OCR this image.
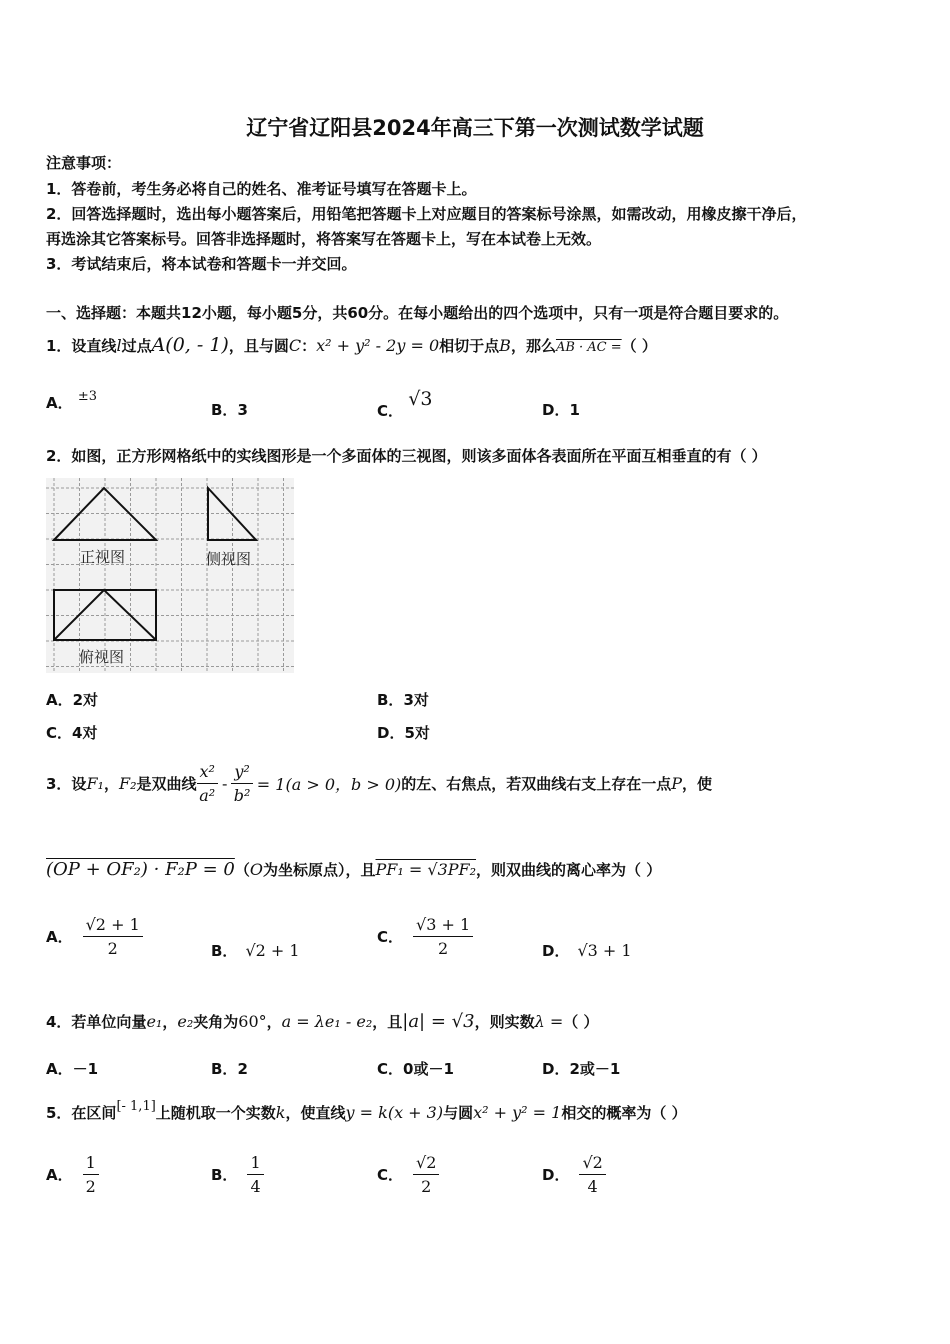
辽宁省辽阳县2024年高三下第一次测试数学试题
注意事项：
1．答卷前，考生务必将自己的姓名、准考证号填写在答题卡上。
2．回答选择题时，选出每小题答案后，用铅笔把答题卡上对应题目的答案标号涂黑，如需改动，用橡皮擦干净后，
再选涂其它答案标号。回答非选择题时，将答案写在答题卡上，写在本试卷上无效。
3．考试结束后，将本试卷和答题卡一并交回。
一、选择题：本题共12小题，每小题5分，共60分。在每小题给出的四个选项中，只有一项是符合题目要求的。
1．设直线l过点A(0, - 1)，且与圆C：x² + y² - 2y = 0相切于点B，那么AB · AC =（ ）
A． ±3
B．3	C． √3	D．1
2．如图，正方形网格纸中的实线图形是一个多面体的三视图，则该多面体各表面所在平面互相垂直的有（ ）
正视图	侧视图
俯视图
A．2对	B．3对
C．4对	D．5对
3．设 F₁ ， F₂ 是双曲线 $\frac{\text{x²}}{\text{a²}} - \frac{\text{y²}}{\text{b²}} = 1(a > 0$，b > 0) 的左、右焦点，若双曲线右支上存在一点 P ，使
(OP + OF₂) · F₂P = 0（O为坐标原点），且PF₁ = √3PF₂，则双曲线的离心率为（ ）
A． $\frac{√2 + 1}{2}$	B． √2 + 1
C． $\frac{√3 + 1}{2}$	D． √3 + 1
4．若单位向量e₁，e₂夹角为60°，a = λe₁ - e₂，且|a| = √3，则实数λ =（ ）
A．－1	B．2	C．0或－1	D．2或－1
5．在区间[- 1,1]上随机取一个实数k，使直线y = k(x + 3)与圆x² + y² = 1相交的概率为（ ）
A． $\frac{1}{2}$	B． $\frac{1}{4}$	C． $\frac{√2}{2}$	D． $\frac{√2}{4}$
